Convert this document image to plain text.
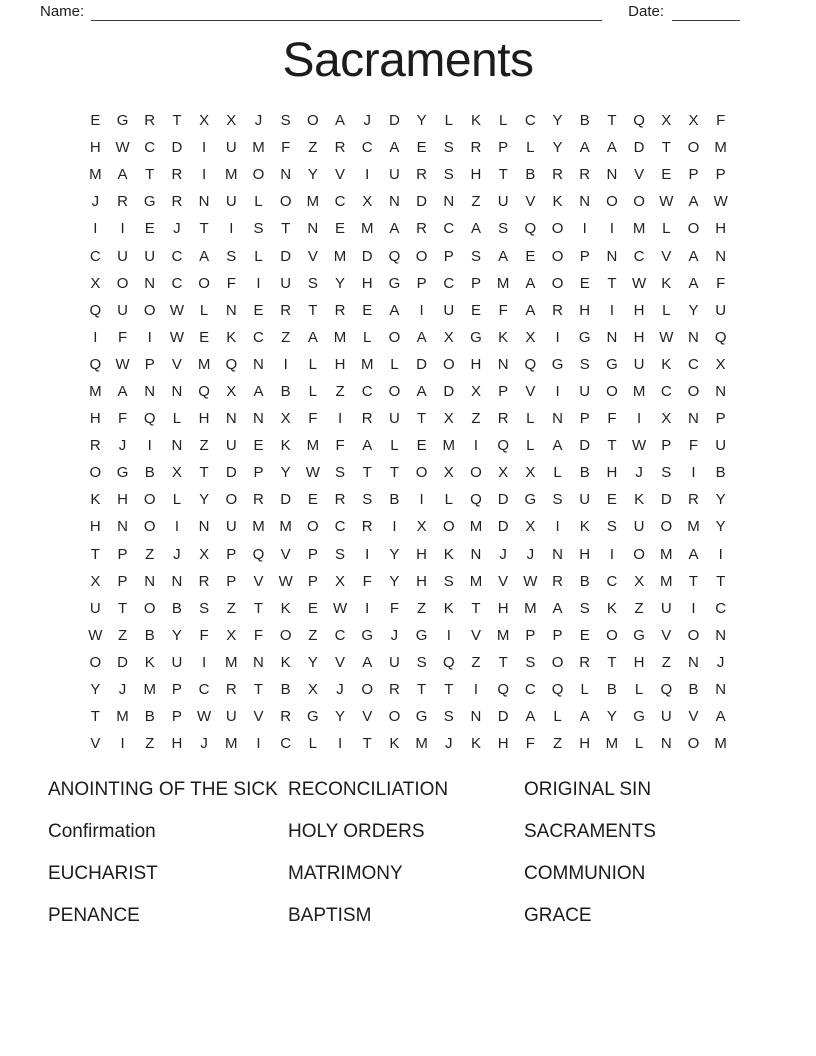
Name:	Date:
Sacraments
E	G	R	T	X	X	J	S	O	A	J	D	Y	L	K	L	C	Y	B	T	Q	X	X	F
H W C	D	I	U	M	F	Z	R	C	A	E	S	R	P	L	Y	A	A	D	T	O	M
M	A	T	R	I	M	O	N	Y	V	I	U	R	S	H	T	B	R	R	N	V	E	P	P
J	R	G	R	N	U	L	O	M	C	X	N	D	N	Z	U	V	K	N	O	O W	A	W
I	I	E	J	T	I	S	T	N	E	M	A	R	C	A	S	Q	O	I	I	M	L	O	H
C	U	U	C	A	S	L	D	V	M	D	Q	O	P	S	A	E	O	P	N	C	V	A	N
X	O	N	C	O	F	I	U	S	Y	H	G	P	C	P	M	A	O	E	T	W	K	A	F
Q	U	O W	L	N	E	R	T	R	E	A	I	U	E	F	A	R	H	I	H	L	Y	U
I	F	I	W	E	K	C	Z	A	M	L	O	A	X	G	K	X	I	G	N	H W N	Q
Q W	P	V	M	Q	N	I	L	H	M	L	D	O	H	N	Q	G	S	G	U	K	C	X
M	A	N	N	Q	X	A	B	L	Z	C	O	A	D	X	P	V	I	U	O	M	C	O	N
H	F	Q	L	H	N	N	X	F	I	R	U	T	X	Z	R	L	N	P	F	I	X	N	P
R	J	I	N	Z	U	E	K	M	F	A	L	E	M	I	Q	L	A	D	T	W	P	F	U
O	G	B	X	T	D	P	Y	W	S	T	T	O	X	O	X	X	L	B	H	J	S	I	B
K	H	O	L	Y	O	R	D	E	R	S	B	I	L	Q	D	G	S	U	E	K	D	R	Y
H	N	O	I	N	U	M M	O	C	R	I	X	O	M	D	X	I	K	S	U	O	M	Y
T	P	Z	J	X	P	Q	V	P	S	I	Y	H	K	N	J	J	N	H	I	O	M	A	I
X	P	N	N	R	P	V	W	P	X	F	Y	H	S	M	V	W R	B	C	X	M	T	T
U	T	O	B	S	Z	T	K	E	W	I	F	Z	K	T	H	M	A	S	K	Z	U	I	C
W	Z	B	Y	F	X	F	O	Z	C	G	J	G	I	V	M	P	P	E	O	G	V	O	N
O	D	K	U	I	M	N	K	Y	V	A	U	S	Q	Z	T	S	O	R	T	H	Z	N	J
Y	J	M	P	C	R	T	B	X	J	O	R	T	T	I	Q	C	Q	L	B	L	Q	B	N
T	M	B	P	W U	V	R	G	Y	V	O	G	S	N	D	A	L	A	Y	G	U	V	A
V	I	Z	H	J	M	I	C	L	I	T	K	M	J	K	H	F	Z	H	M	L	N	O	M
ANOINTING OF THE SICK
Confirmation
EUCHARIST
PENANCE
RECONCILIATION
HOLY ORDERS
MATRIMONY
BAPTISM
ORIGINAL SIN
SACRAMENTS
COMMUNION
GRACE
